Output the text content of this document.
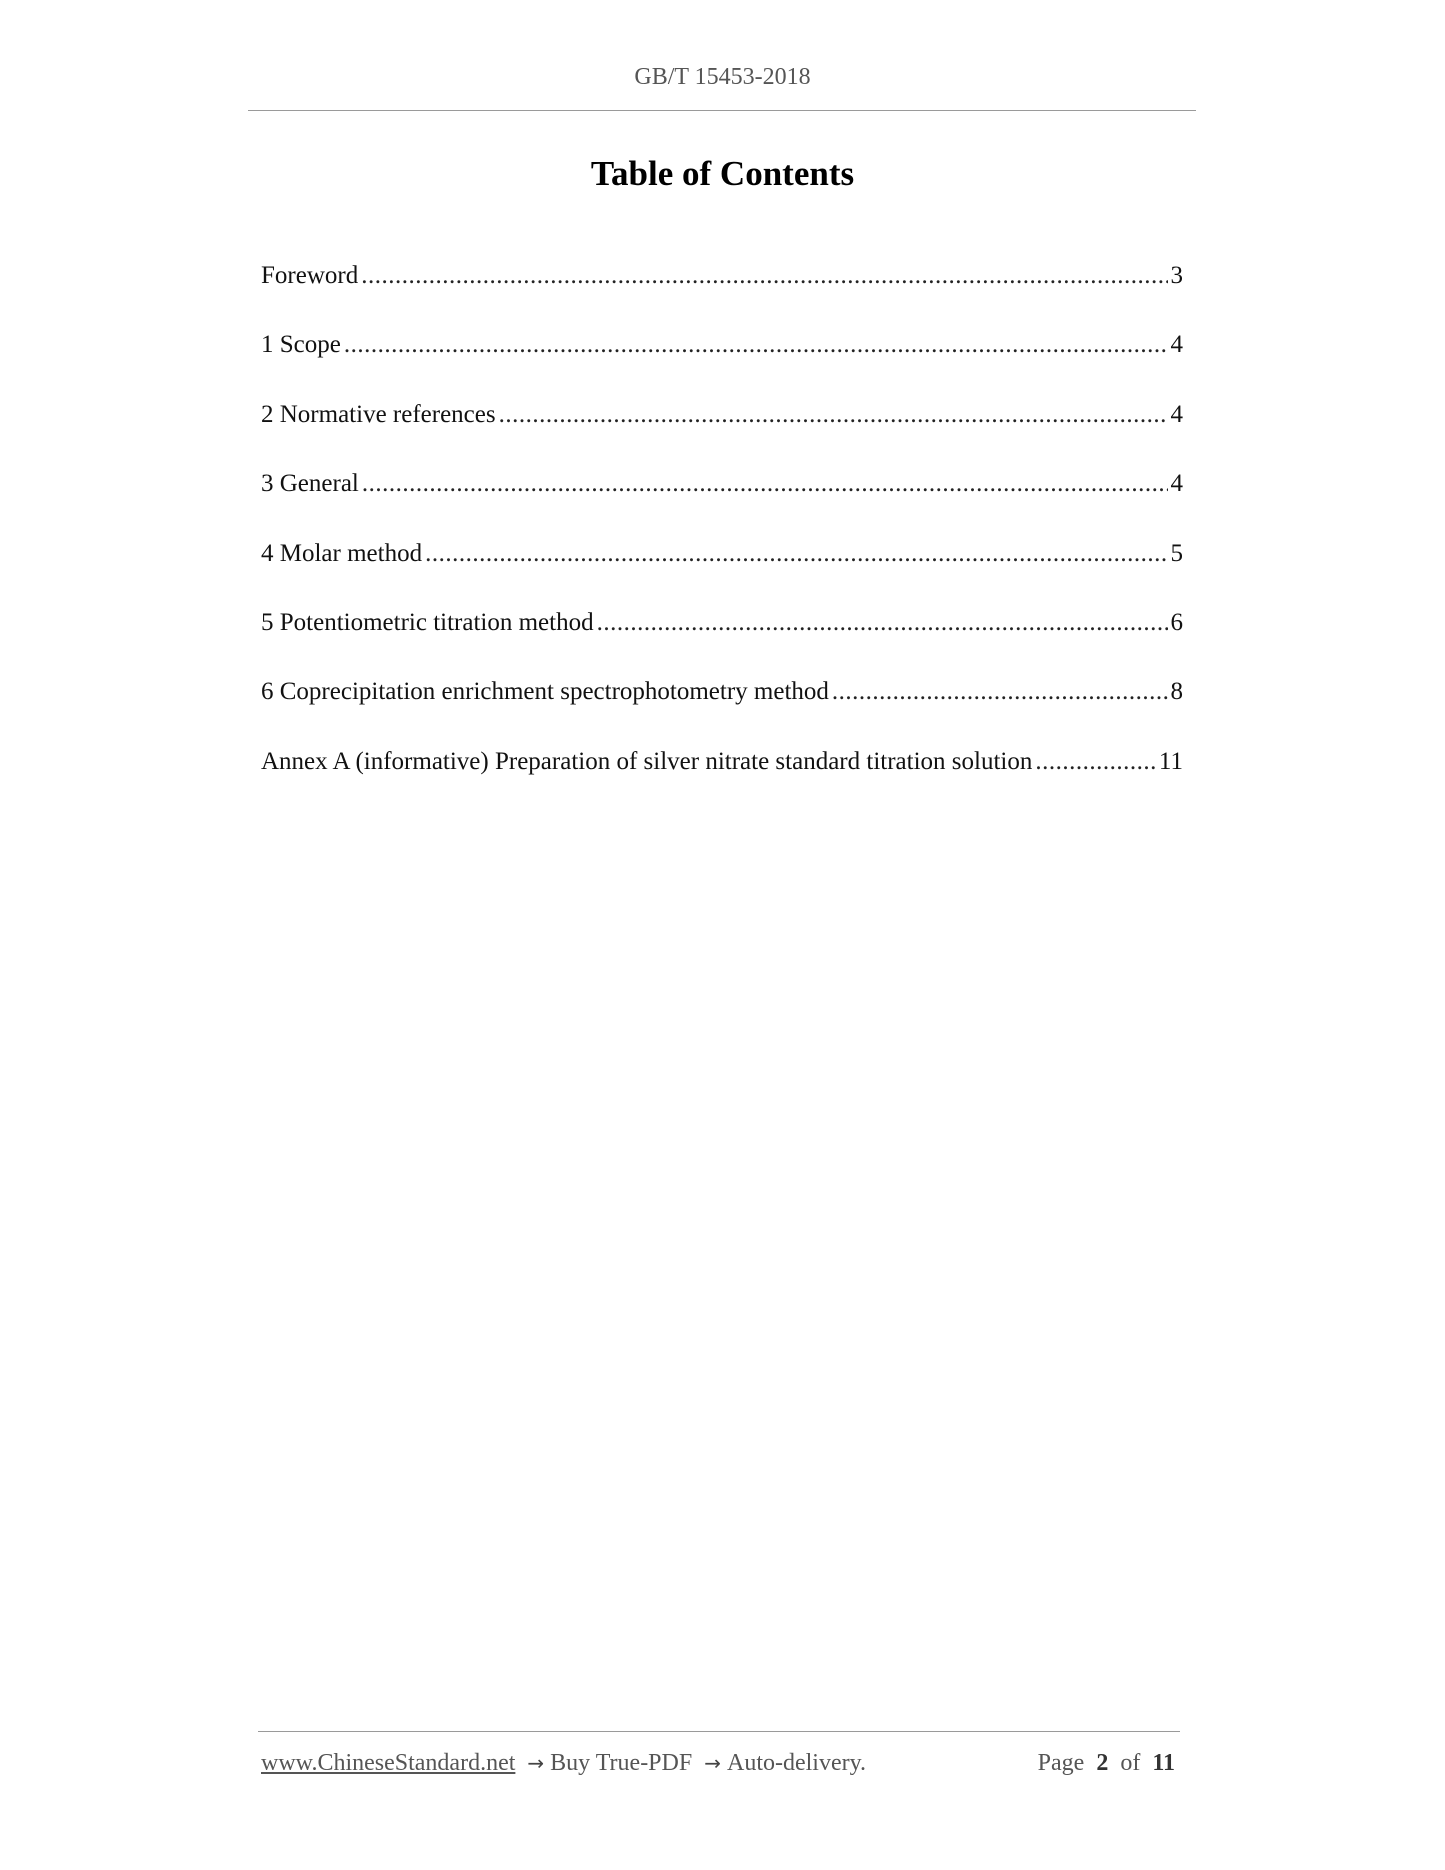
GB/T 15453-2018
Table of Contents
Foreword .....	3
1 Scope .....	4
2 Normative references .....	4
3 General .....	4
4 Molar method .....	5
5 Potentiometric titration method .....	6
6 Coprecipitation enrichment spectrophotometry method .....	8
Annex A (informative) Preparation of silver nitrate standard titration solution .....	11
www.ChineseStandard.net → Buy True-PDF → Auto-delivery.	Page 2 of 11
